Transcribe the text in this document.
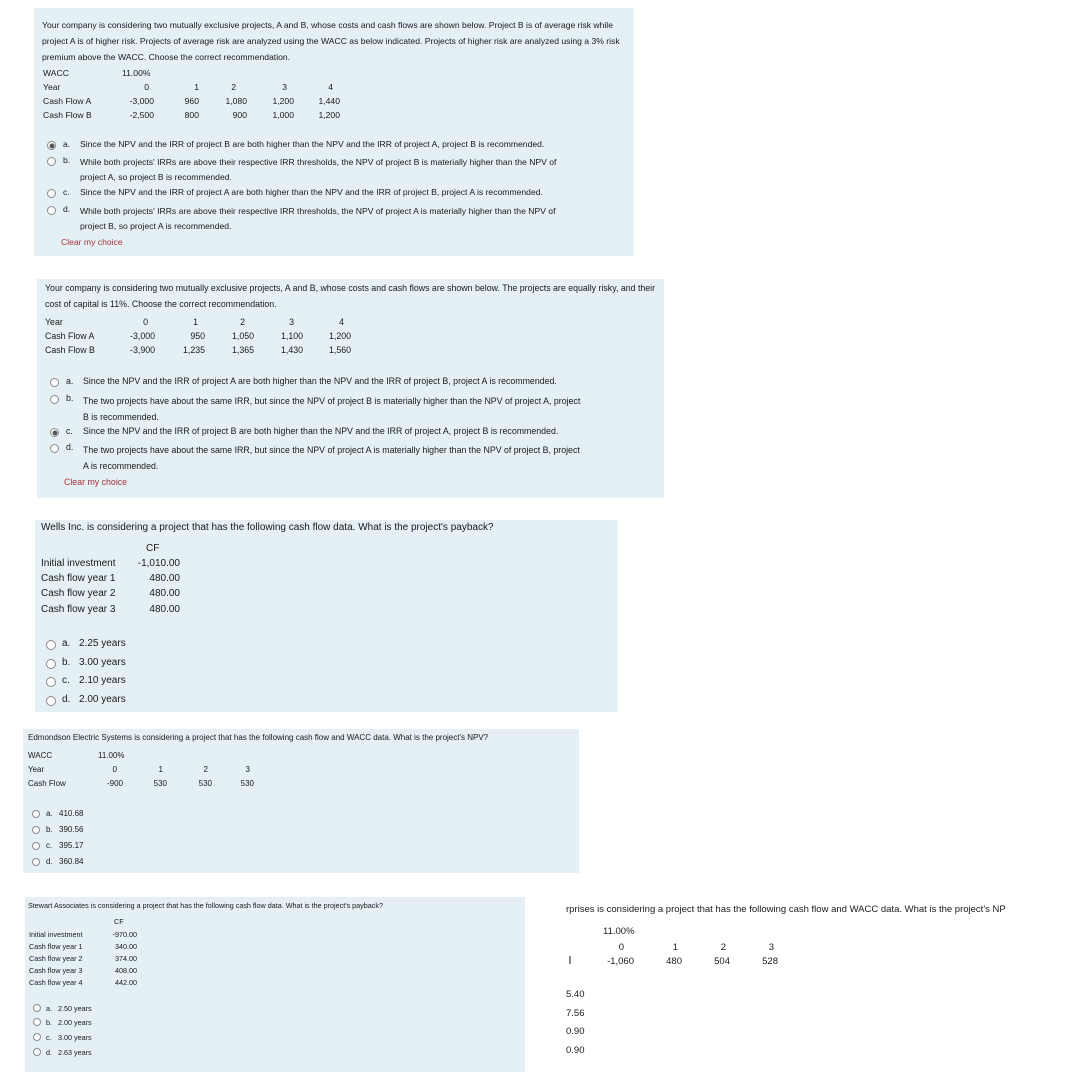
Your company is considering two mutually exclusive projects, A and B, whose costs and cash flows are shown below. Project B is of average risk while project A is of higher risk. Projects of average risk are analyzed using the WACC as below indicated. Projects of higher risk are analyzed using a 3% risk premium above the WACC. Choose the correct recommendation.

WACC	11.00%
Year	0	1	2	3	4
Cash Flow A	-3,000	960	1,080	1,200	1,440
Cash Flow B	-2,500	800	900	1,000	1,200
a.	Since the NPV and the IRR of project B are both higher than the NPV and the IRR of project A, project B is recommended.
b.	While both projects' IRRs are above their respective IRR thresholds, the NPV of project B is materially higher than the NPV of
project A, so project B is recommended.
c.	Since the NPV and the IRR of project A are both higher than the NPV and the IRR of project B, project A is recommended.
d.	While both projects' IRRs are above their respective IRR thresholds, the NPV of project A is materially higher than the NPV of
project B, so project A is recommended.
Clear my choice

Your company is considering two mutually exclusive projects, A and B, whose costs and cash flows are shown below. The projects are equally risky, and their cost of capital is 11%. Choose the correct recommendation.

Year	0	1	2	3	4
Cash Flow A	-3,000	950	1,050	1,100	1,200
Cash Flow B	-3,900	1,235	1,365	1,430	1,560
a.	Since the NPV and the IRR of project A are both higher than the NPV and the IRR of project B, project A is recommended.
b.	The two projects have about the same IRR, but since the NPV of project B is materially higher than the NPV of project A, project
B is recommended.
c.	Since the NPV and the IRR of project B are both higher than the NPV and the IRR of project A, project B is recommended.
d.	The two projects have about the same IRR, but since the NPV of project A is materially higher than the NPV of project B, project
A is recommended.
Clear my choice
Wells Inc. is considering a project that has the following cash flow data. What is the project's payback?
CF
Initial investment	-1,010.00
Cash flow year 1	480.00
Cash flow year 2	480.00
Cash flow year 3	480.00
a. 2.25 years
b. 3.00 years
c. 2.10 years
d. 2.00 years
Edmondson Electric Systems is considering a project that has the following cash flow and WACC data. What is the project's NPV?
WACC	11.00%
Year	0	1	2	3
Cash Flow	-900	530	530	530
a. 410.68
b. 390.56
c. 395.17
d. 360.84
Stewart Associates is considering a project that has the following cash flow data. What is the project's payback?
CF
Initial investment	-970.00
Cash flow year 1	340.00
Cash flow year 2	374.00
Cash flow year 3	408.00
Cash flow year 4	442.00
a. 2.50 years
b. 2.00 years
c. 3.00 years
d. 2.63 years
rprises is considering a project that has the following cash flow and WACC data. What is the project's NP
11.00%
0	1	2	3
-1,060	480	504	528
5.40
7.56
0.90
0.90
